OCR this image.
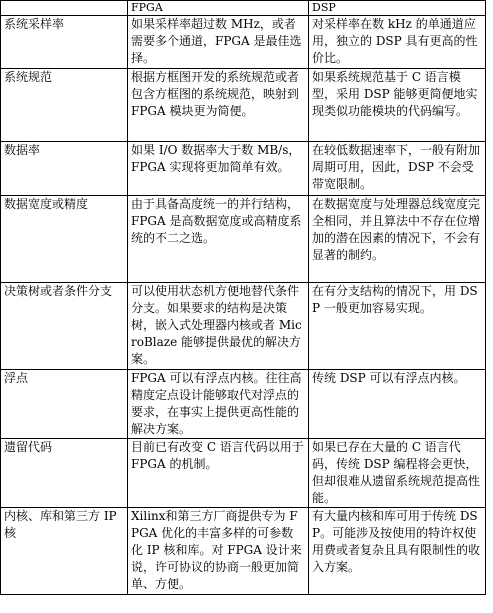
	FPGA	DSP
系统采样率	如果采样率超过数 MHz，或者需要多个通道，FPGA 是最佳选择。	对采样率在数 kHz 的单通道应用，独立的 DSP 具有更高的性价比。
系统规范	根据方框图开发的系统规范或者包含方框图的系统规范，映射到 FPGA 模块更为简便。	如果系统规范基于 C 语言模型，采用 DSP 能够更简便地实现类似功能模块的代码编写。
数据率	如果 I/O 数据率大于数 MB/s，FPGA 实现将更加简单有效。	在较低数据速率下，一般有附加周期可用，因此，DSP 不会受带宽限制。
数据宽度或精度	由于具备高度统一的并行结构，FPGA 是高数据宽度或高精度系统的不二之选。	在数据宽度与处理器总线宽度完全相同，并且算法中不存在位增加的潜在因素的情况下，不会有显著的制约。
决策树或者条件分支	可以使用状态机方便地替代条件分支。如果要求的结构是决策树，嵌入式处理器内核或者 MicroBlaze 能够提供最优的解决方案。	在有分支结构的情况下，用 DSP 一般更加容易实现。
浮点	FPGA 可以有浮点内核。往往高精度定点设计能够取代对浮点的要求，在事实上提供更高性能的解决方案。	传统 DSP 可以有浮点内核。
遗留代码	目前已有改变 C 语言代码以用于 FPGA 的机制。	如果已存在大量的 C 语言代码，传统 DSP 编程将会更快，但却很难从遗留系统规范提高性能。
内核、库和第三方 IP 核	Xilinx和第三方厂商提供专为 FPGA 优化的丰富多样的可参数化 IP 核和库。对 FPGA 设计来说，许可协议的协商一般更加简单、方便。	有大量内核和库可用于传统 DSP。可能涉及按使用的特许权使用费或者复杂且具有限制性的收入方案。
